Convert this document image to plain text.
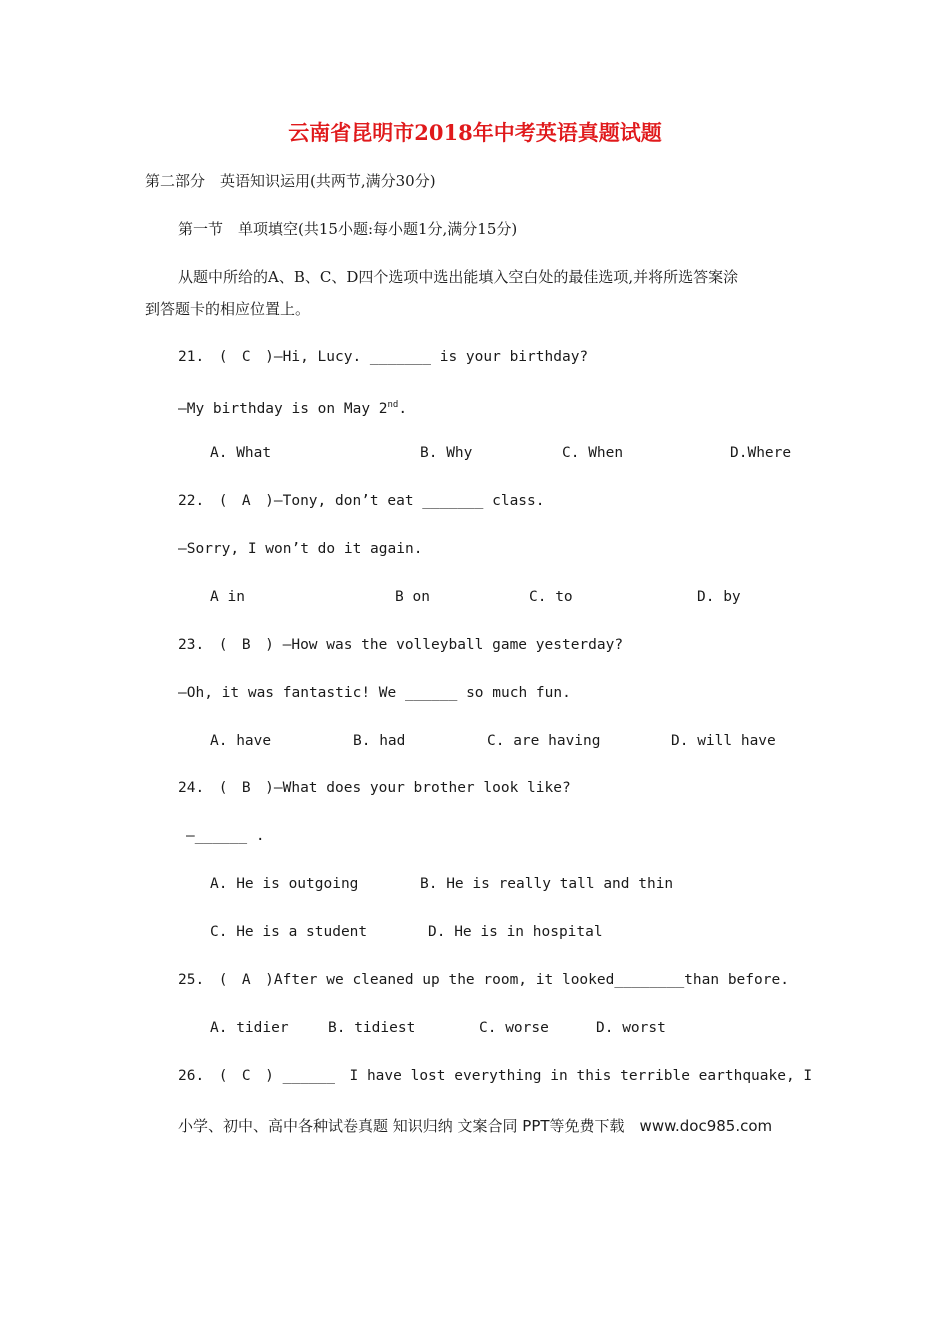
云南省昆明市2018年中考英语真题试题
第二部分　英语知识运用(共两节,满分30分)
第一节　单项填空(共15小题:每小题1分,满分15分)
从题中所给的A、B、C、D四个选项中选出能填入空白处的最佳选项,并将所选答案涂
到答题卡的相应位置上。
21.　(　C　)—Hi, Lucy. _______ is your birthday?
—My birthday is on May 2nd.
A. What	B. Why	C. When	D.Where
22.　(　A　)—Tony, don’t eat _______ class.
—Sorry, I won’t do it again.
A in	B on	C. to	D. by
23.　(　B　) —How was the volleyball game yesterday?
—Oh, it was fantastic! We ______ so much fun.
A. have	B. had	C. are having	D. will have
24.　(　B　)—What does your brother look like?
—______ .
A. He is outgoing	B. He is really tall and thin
C. He is a student	D. He is in hospital
25.　(　A　)After we cleaned up the room, it looked________than before.
A. tidier	B. tidiest	C. worse	D. worst
26.　(　C　) ______　I have lost everything in this terrible earthquake, I
小学、初中、高中各种试卷真题 知识归纳 文案合同 PPT等免费下载　www.doc985.com
